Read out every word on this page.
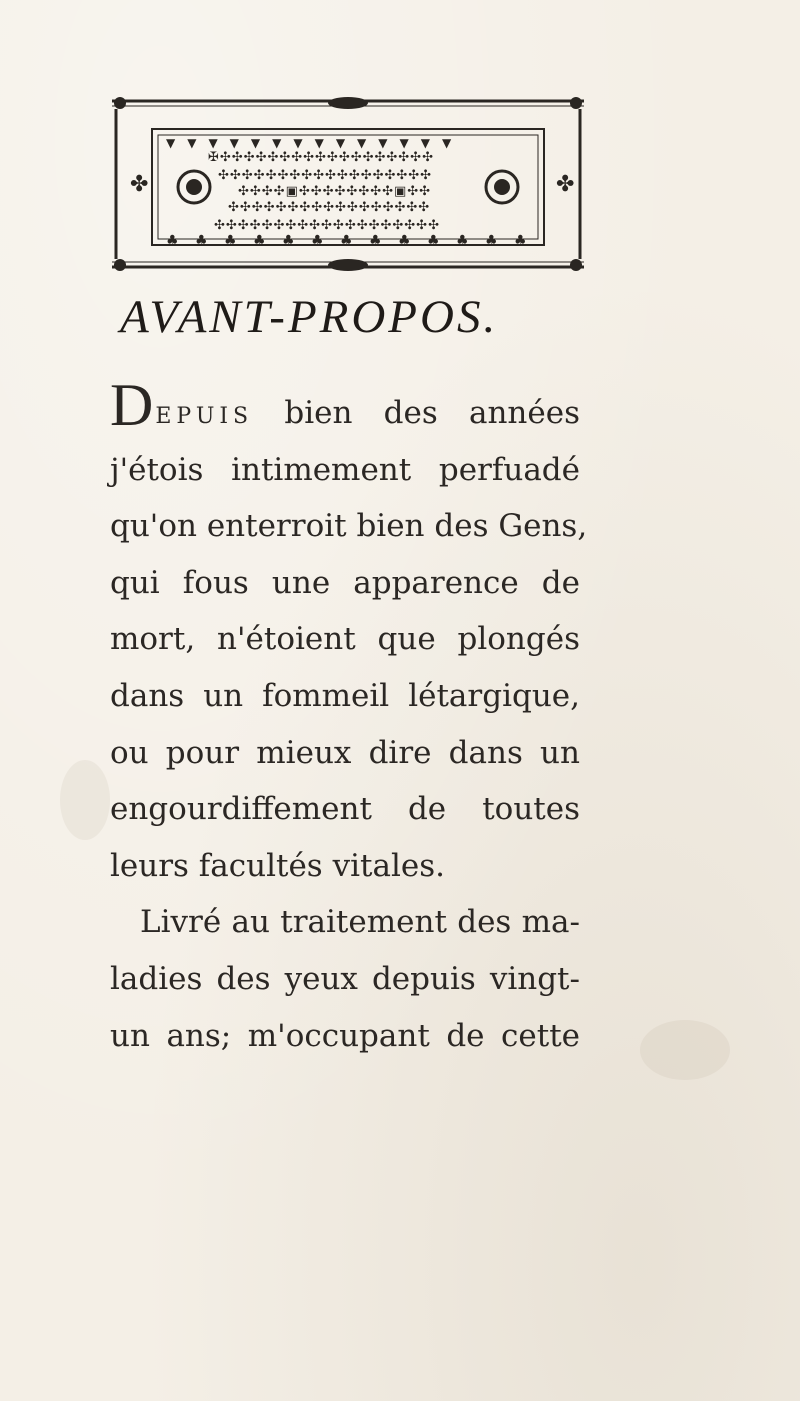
✤	✤
✠✣✣✣✣✣✣✣✣✣✣✣✣✣✣✣✣✣✣
✣✣✣✣✣✣✣✣✣✣✣✣✣✣✣✣✣✣
✣✣✣✣▣✣✣✣✣✣✣✣✣▣✣✣
✣✣✣✣✣✣✣✣✣✣✣✣✣✣✣✣✣
✣✣✣✣✣✣✣✣✣✣✣✣✣✣✣✣✣✣✣
♣ ♣ ♣ ♣ ♣ ♣ ♣ ♣ ♣ ♣ ♣ ♣ ♣
▼▼▼▼▼▼▼▼▼▼▼▼▼▼
AVANT-PROPOS.
DEPUIS bien des années
j'étois intimement perfuadé
qu'on enterroit bien des Gens,
qui fous une apparence de
mort, n'étoient que plongés
dans un fommeil létargique,
ou pour mieux dire dans un
engourdiffement de toutes
leurs facultés vitales.
Livré au traitement des ma-
ladies des yeux depuis vingt-
un ans; m'occupant de cette
